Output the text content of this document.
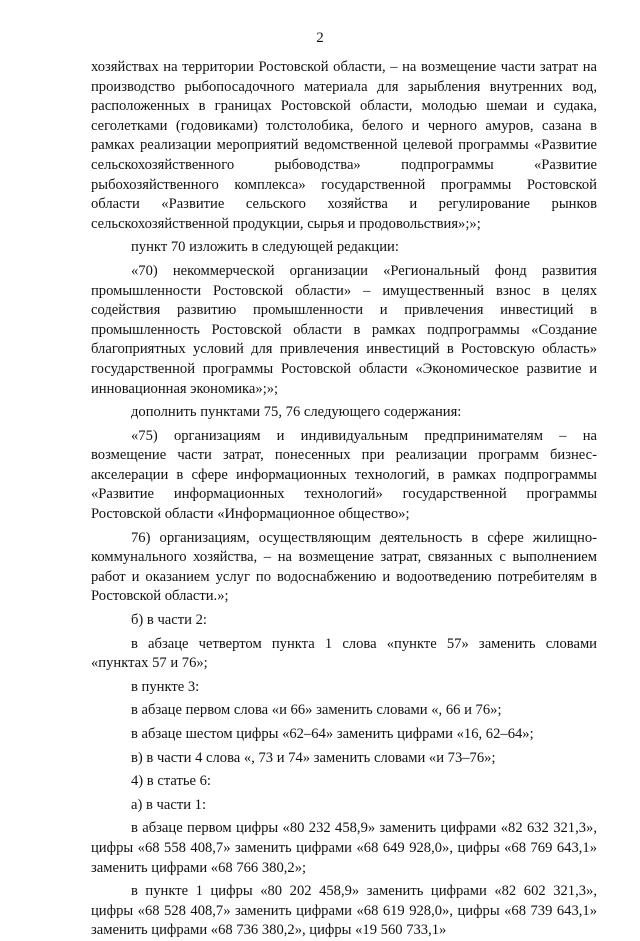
2

хозяйствах на территории Ростовской области, – на возмещение части затрат на производство рыбопосадочного материала для зарыбления внутренних вод, расположенных в границах Ростовской области, молодью шемаи и судака, сеголетками (годовиками) толстолобика, белого и черного амуров, сазана в рамках реализации мероприятий ведомственной целевой программы «Развитие сельскохозяйственного рыбоводства» подпрограммы «Развитие рыбохозяйственного комплекса» государственной программы Ростовской области «Развитие сельского хозяйства и регулирование рынков сельскохозяйственной продукции, сырья и продовольствия»;»;

пункт 70 изложить в следующей редакции:

«70) некоммерческой организации «Региональный фонд развития промышленности Ростовской области» – имущественный взнос в целях содействия развитию промышленности и привлечения инвестиций в промышленность Ростовской области в рамках подпрограммы «Создание благоприятных условий для привлечения инвестиций в Ростовскую область» государственной программы Ростовской области «Экономическое развитие и инновационная экономика»;»;

дополнить пунктами 75, 76 следующего содержания:

«75) организациям и индивидуальным предпринимателям – на возмещение части затрат, понесенных при реализации программ бизнес-акселерации в сфере информационных технологий, в рамках подпрограммы «Развитие информационных технологий» государственной программы Ростовской области «Информационное общество»;

76) организациям, осуществляющим деятельность в сфере жилищно-коммунального хозяйства, – на возмещение затрат, связанных с выполнением работ и оказанием услуг по водоснабжению и водоотведению потребителям в Ростовской области.»;

б) в части 2:

в абзаце четвертом пункта 1 слова «пункте 57» заменить словами «пунктах 57 и 76»;

в пункте 3:

в абзаце первом слова «и 66» заменить словами «, 66 и 76»;

в абзаце шестом цифры «62–64» заменить цифрами «16, 62–64»;

в) в части 4 слова «, 73 и 74» заменить словами «и 73–76»;

4) в статье 6:

а) в части 1:

в абзаце первом цифры «80 232 458,9» заменить цифрами «82 632 321,3», цифры «68 558 408,7» заменить цифрами «68 649 928,0», цифры «68 769 643,1» заменить цифрами «68 766 380,2»;

в пункте 1 цифры «80 202 458,9» заменить цифрами «82 602 321,3», цифры «68 528 408,7» заменить цифрами «68 619 928,0», цифры «68 739 643,1» заменить цифрами «68 736 380,2», цифры «19 560 733,1»
